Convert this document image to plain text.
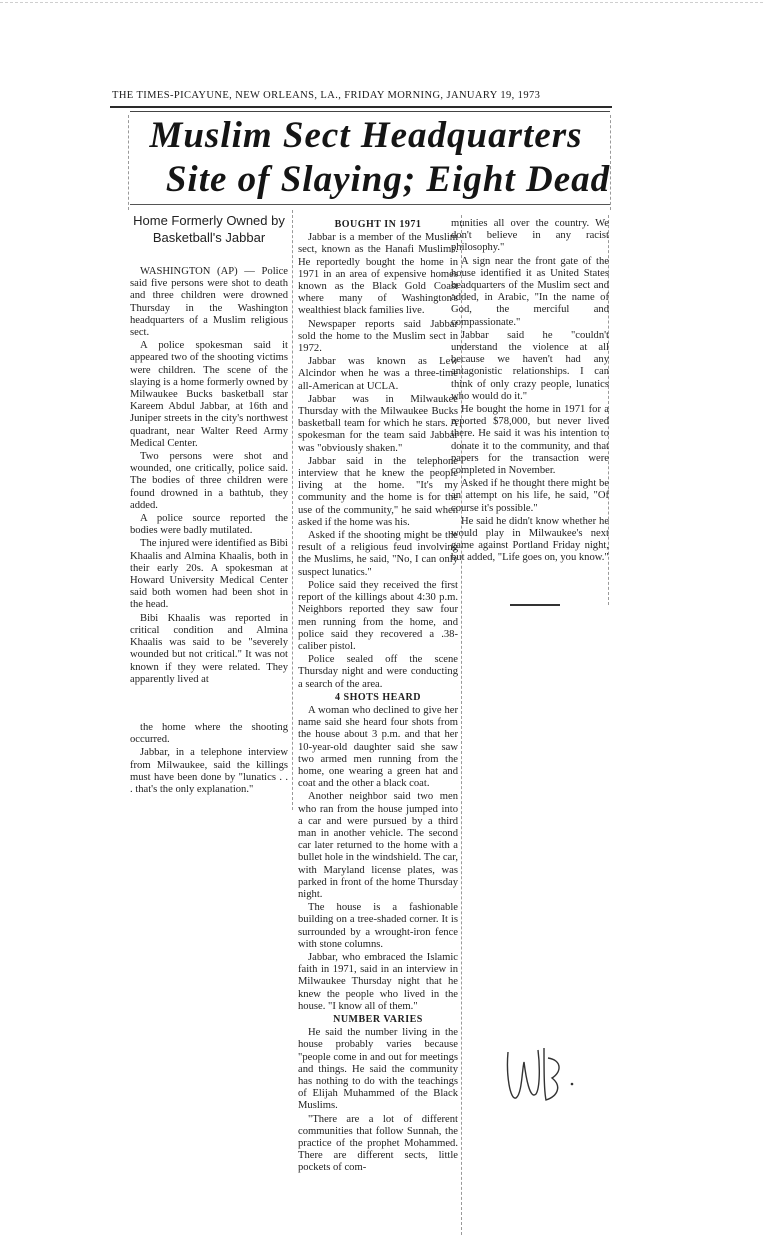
THE TIMES-PICAYUNE, NEW ORLEANS, LA., FRIDAY MORNING, JANUARY 19, 1973
Muslim Sect Headquarters
Site of Slaying; Eight Dead
Home Formerly Owned by Basketball's Jabbar

WASHINGTON (AP) — Police said five persons were shot to death and three children were drowned Thursday in the Washington headquarters of a Muslim religious sect.

A police spokesman said it appeared two of the shooting victims were children. The scene of the slaying is a home formerly owned by Milwaukee Bucks basketball star Kareem Abdul Jabbar, at 16th and Juniper streets in the city's northwest quadrant, near Walter Reed Army Medical Center.

Two persons were shot and wounded, one critically, police said. The bodies of three children were found drowned in a bathtub, they added.

A police source reported the bodies were badly mutilated.

The injured were identified as Bibi Khaalis and Almina Khaalis, both in their early 20s. A spokesman at Howard University Medical Center said both women had been shot in the head.

Bibi Khaalis was reported in critical condition and Almina Khaalis was said to be "severely wounded but not critical." It was not known if they were related. They apparently lived at

the home where the shooting occurred.

Jabbar, in a telephone interview from Milwaukee, said the killings must have been done by "lunatics . . . that's the only explanation."

BOUGHT IN 1971

Jabbar is a member of the Muslim sect, known as the Hanafi Muslims. He reportedly bought the home in 1971 in an area of expensive homes known as the Black Gold Coast where many of Washington's wealthiest black families live.

Newspaper reports said Jabbar sold the home to the Muslim sect in 1972.

Jabbar was known as Lew Alcindor when he was a three-time all-American at UCLA.

Jabbar was in Milwaukee Thursday with the Milwaukee Bucks basketball team for which he stars. A spokesman for the team said Jabbar was "obviously shaken."

Jabbar said in the telephone interview that he knew the people living at the home. "It's my community and the home is for the use of the community," he said when asked if the home was his.

Asked if the shooting might be the result of a religious feud involving the Muslims, he said, "No, I can only suspect lunatics."

Police said they received the first report of the killings about 4:30 p.m. Neighbors reported they saw four men running from the home, and police said they recovered a .38-caliber pistol.

Police sealed off the scene Thursday night and were conducting a search of the area.

4 SHOTS HEARD

A woman who declined to give her name said she heard four shots from the house about 3 p.m. and that her 10-year-old daughter said she saw two armed men running from the home, one wearing a green hat and coat and the other a black coat.

Another neighbor said two men who ran from the house jumped into a car and were pursued by a third man in another vehicle. The second car later returned to the home with a bullet hole in the windshield. The car, with Maryland license plates, was parked in front of the home Thursday night.

The house is a fashionable building on a tree-shaded corner. It is surrounded by a wrought-iron fence with stone columns.

Jabbar, who embraced the Islamic faith in 1971, said in an interview in Milwaukee Thursday night that he knew the people who lived in the house. "I know all of them."

NUMBER VARIES

He said the number living in the house probably varies because "people come in and out for meetings and things. He said the community has nothing to do with the teachings of Elijah Muhammed of the Black Muslims.

"There are a lot of different communities that follow Sunnah, the practice of the prophet Mohammed. There are different sects, little pockets of com-

munities all over the country. We don't believe in any racist philosophy."

A sign near the front gate of the house identified it as United States headquarters of the Muslim sect and added, in Arabic, "In the name of God, the merciful and compassionate."

Jabbar said he "couldn't understand the violence at all because we haven't had any antagonistic relationships. I can think of only crazy people, lunatics who would do it."

He bought the home in 1971 for a reported $78,000, but never lived there. He said it was his intention to donate it to the community, and that papers for the transaction were completed in November.

Asked if he thought there might be an attempt on his life, he said, "Of course it's possible."

He said he didn't know whether he would play in Milwaukee's next game against Portland Friday night, but added, "Life goes on, you know."
